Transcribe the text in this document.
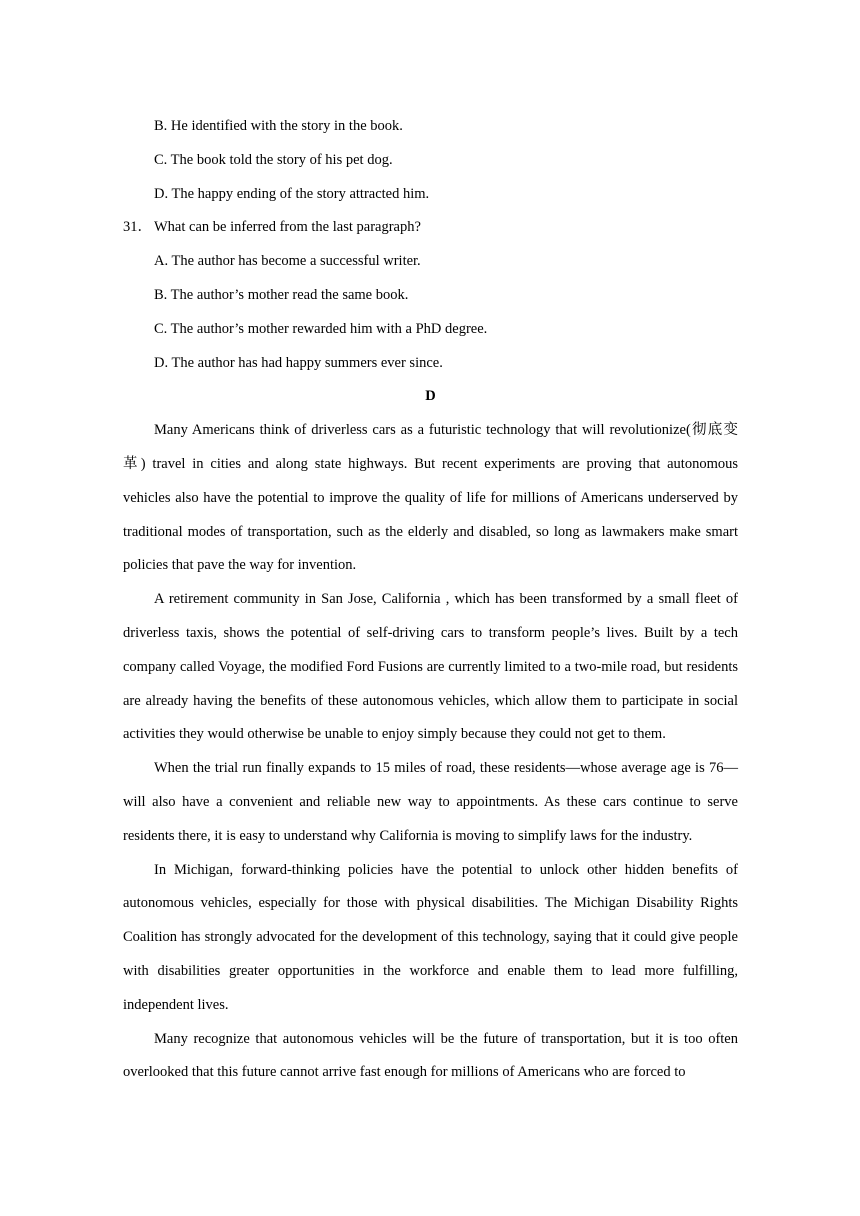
B. He identified with the story in the book.
C. The book told the story of his pet dog.
D. The happy ending of the story attracted him.
31． What can be inferred from the last paragraph?
A. The author has become a successful writer.
B. The author’s mother read the same book.
C. The author’s mother rewarded him with a PhD degree.
D. The author has had happy summers ever since.
D

Many Americans think of driverless cars as a futuristic technology that will revolutionize(彻底变革) travel in cities and along state highways. But recent experiments are proving that autonomous vehicles also have the potential to improve the quality of life for millions of Americans underserved by traditional modes of transportation, such as the elderly and disabled, so long as lawmakers make smart policies that pave the way for invention.

A retirement community in San Jose, California , which has been transformed by a small fleet of driverless taxis, shows the potential of self-driving cars to transform people’s lives. Built by a tech company called Voyage, the modified Ford Fusions are currently limited to a two-mile road, but residents are already having the benefits of these autonomous vehicles, which allow them to participate in social activities they would otherwise be unable to enjoy simply because they could not get to them.

When the trial run finally expands to 15 miles of road, these residents—whose average age is 76—will also have a convenient and reliable new way to appointments. As these cars continue to serve residents there, it is easy to understand why California is moving to simplify laws for the industry.

In Michigan, forward-thinking policies have the potential to unlock other hidden benefits of autonomous vehicles, especially for those with physical disabilities. The Michigan Disability Rights Coalition has strongly advocated for the development of this technology, saying that it could give people with disabilities greater opportunities in the workforce and enable them to lead more fulfilling, independent lives.

Many recognize that autonomous vehicles will be the future of transportation, but it is too often overlooked that this future cannot arrive fast enough for millions of Americans who are forced to
